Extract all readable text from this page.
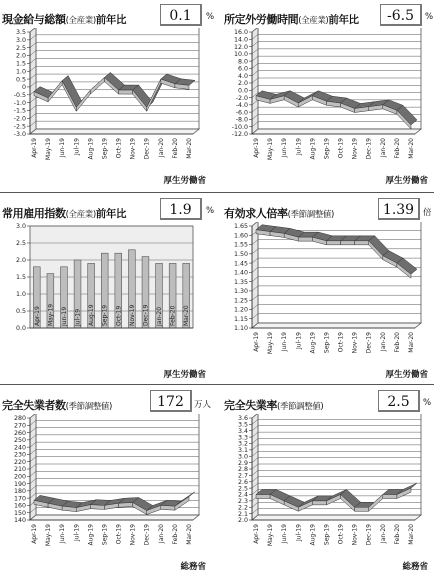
現金給与総額(全産業)前年比	0.1	%
3.5
3.0
2.5
2.0
1.5
1.0
0.5
0
-0.5
-1.0
-1.5
-2.0
-2.5
-3.0
Apr-19 May-19 Jun-19 Jul-19 Aug-19 Sep-19 Oct-19 Nov-19 Dec-19 Jan-20 Feb-20 Mar-20
厚生労働省
所定外労働時間(全産業)前年比	-6.5	%
16.0
14.0
12.0
10.0
8.0
6.0
4.0
2.0
0.0
-2.0
-4.0
-6.0
-8.0
-10.0
-12.0
Apr-19 May-19 Jun-19 Jul-19 Aug-19 Sep-19 Oct-19 Nov-19 Dec-19 Jan-20 Feb-20 Mar-20
厚生労働省
常用雇用指数(全産業)前年比	1.9	%
3.0
2.5
2.0
1.5
1.0
0.5
0.0
Apr-19 May-19 Jun-19 Jul-19 Aug-19 Sep-19 Oct-19 Nov-19 Dec-19 Jan-20 Feb-20 Mar-20
厚生労働省
有効求人倍率(季節調整値)	1.39	倍
1.65
1.60
1.55
1.50
1.45
1.40
1.35
1.30
1.25
1.20
1.15
1.10
Apr-19 May-19 Jun-19 Jul-19 Aug-19 Sep-19 Oct-19 Nov-19 Dec-19 Jan-20 Feb-20 Mar-20
厚生労働省
完全失業者数(季節調整値)	172	万人
280
270
260
250
240
230
220
210
200
190
180
170
160
150
140
Apr-19 May-19 Jun-19 Jul-19 Aug-19 Sep-19 Oct-19 Nov-19 Dec-19 Jan-20 Feb-20 Mar-20
総務省
完全失業率(季節調整値)	2.5	%
3.6
3.5
3.4
3.3
3.2
3.1
3.0
2.9
2.8
2.7
2.6
2.5
2.4
2.3
2.2
2.1
2.0
Apr-19 May-19 Jun-19 Jul-19 Aug-19 Sep-19 Oct-19 Nov-19 Dec-19 Jan-20 Feb-20 Mar-20
総務省
